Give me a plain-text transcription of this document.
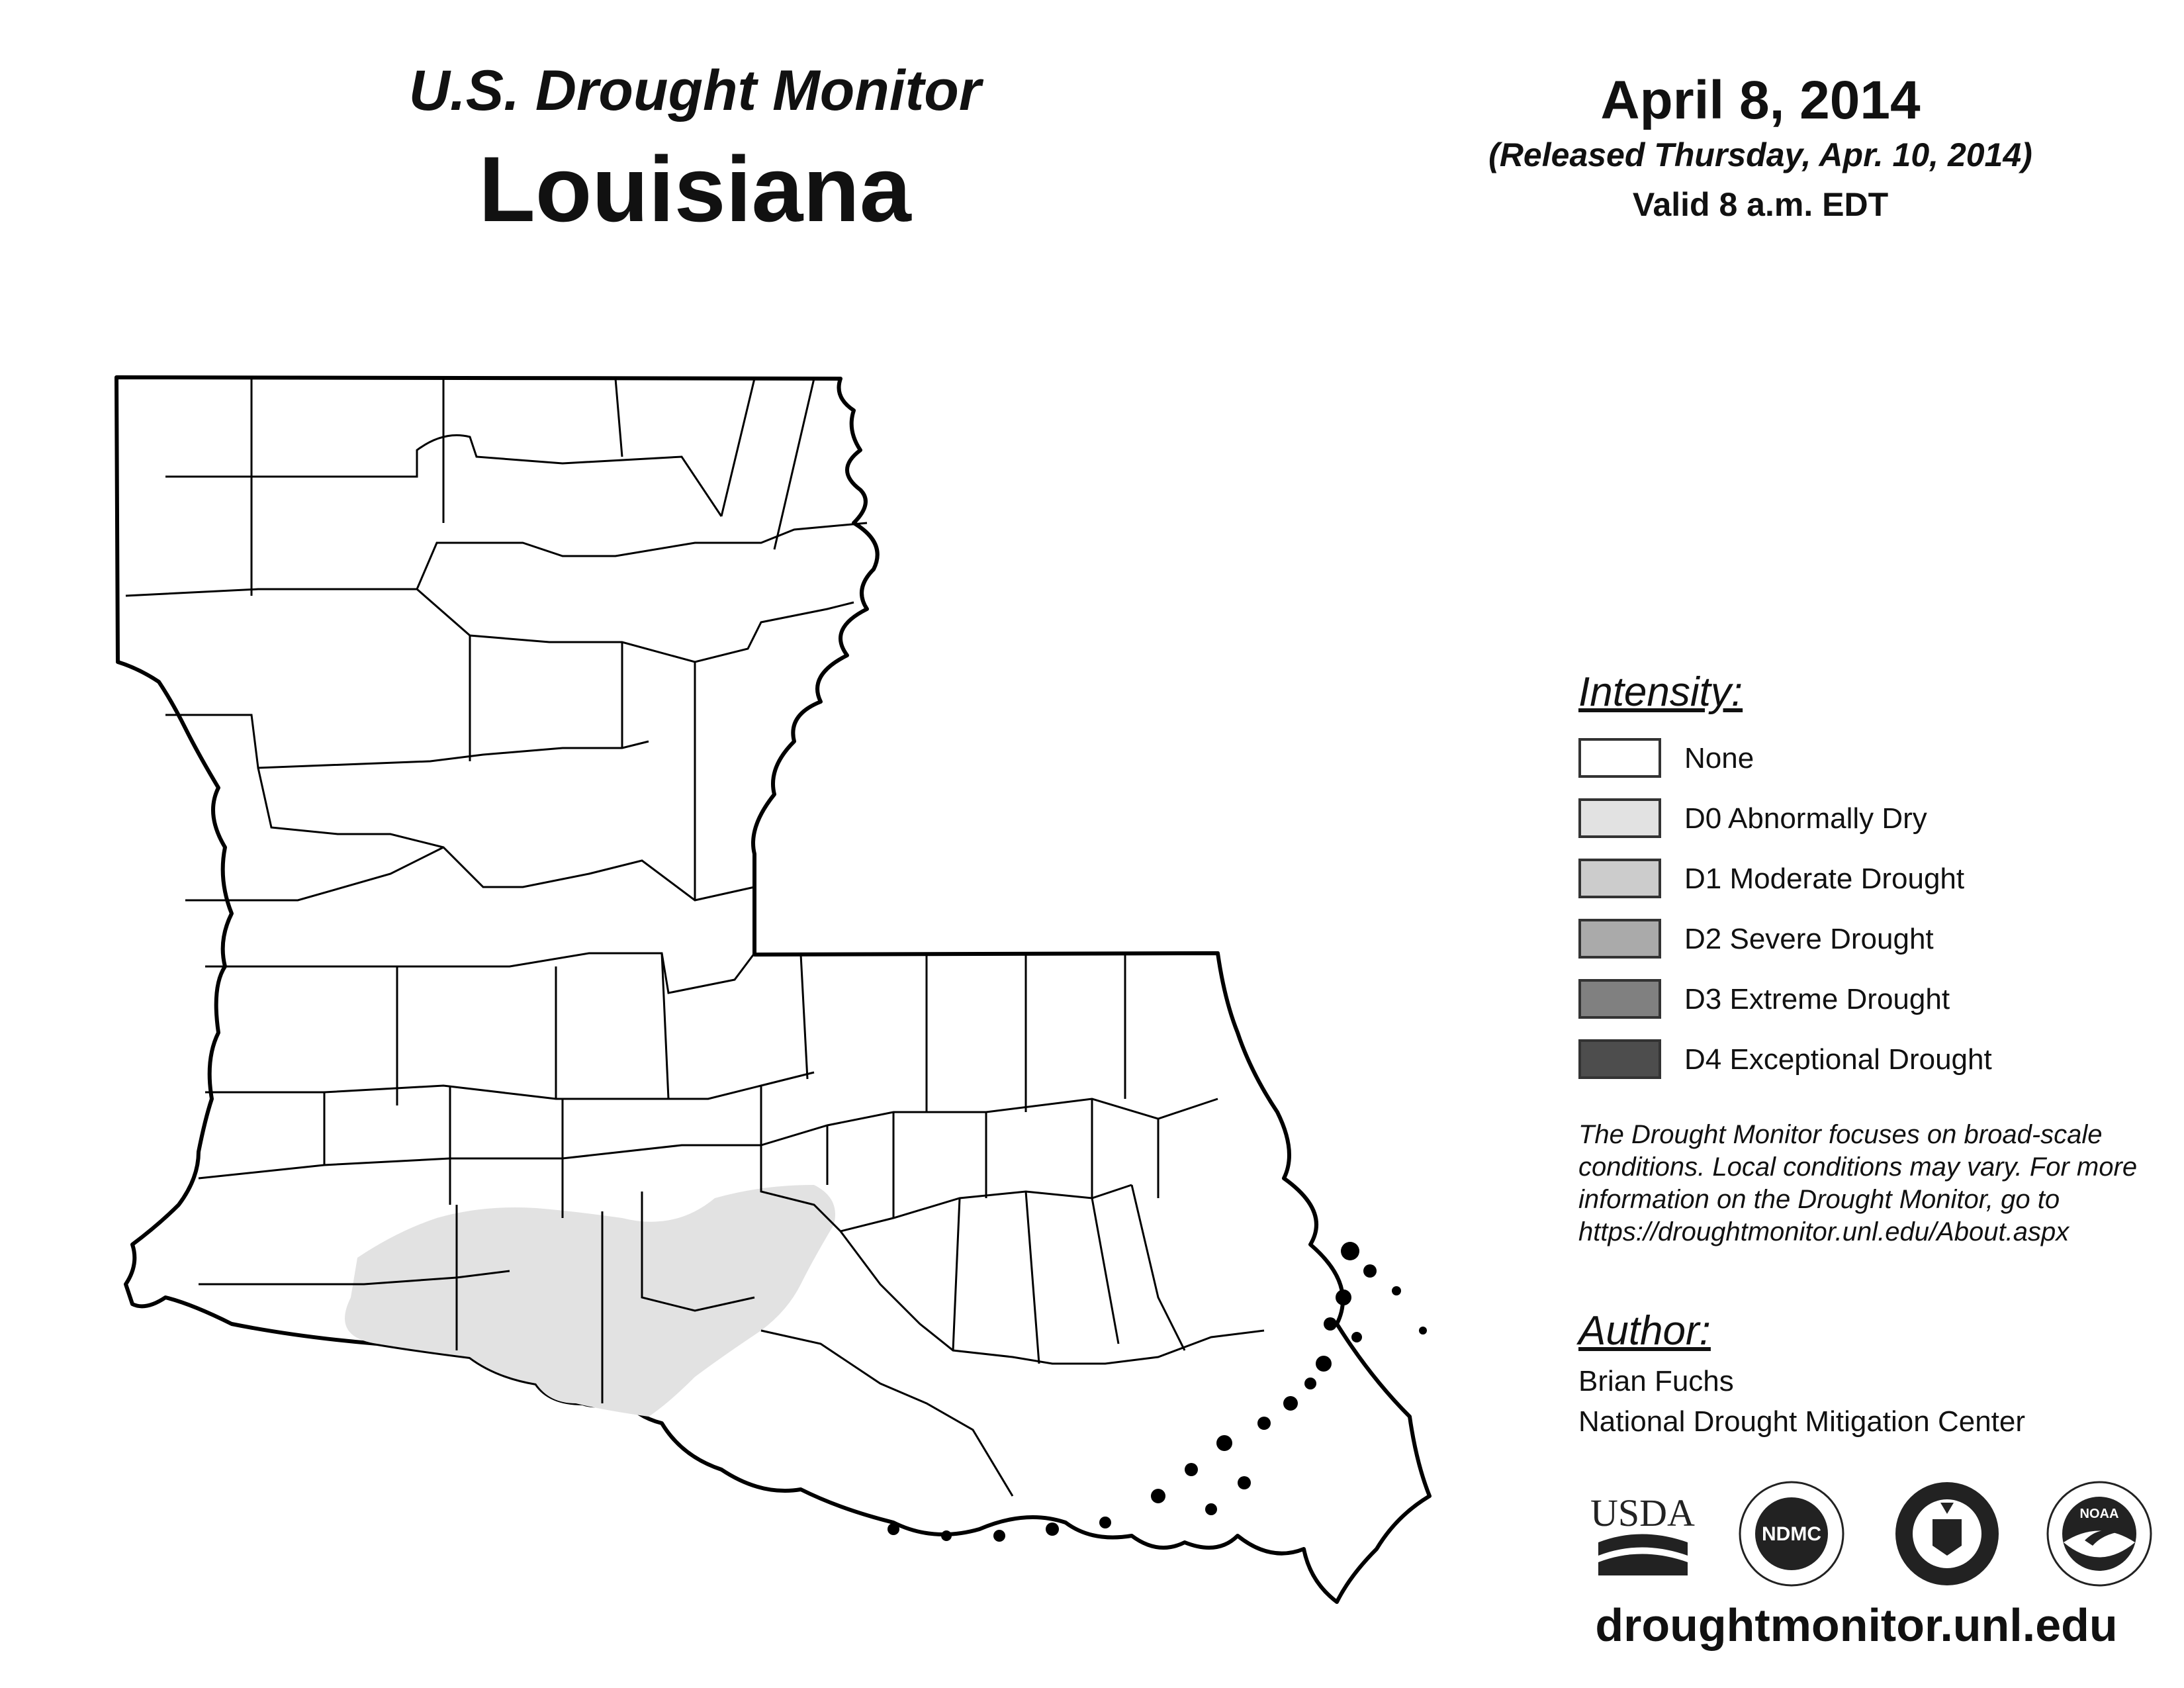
U.S. Drought Monitor
Louisiana
April 8, 2014
(Released Thursday, Apr. 10, 2014)
Valid 8 a.m. EDT
Intensity:
The Drought Monitor focuses on broad-scale
conditions. Local conditions may vary. For more
information on the Drought Monitor, go to
https://droughtmonitor.unl.edu/About.aspx
Author:
Brian Fuchs
National Drought Mitigation Center
USDA	NDMC
NOAA
droughtmonitor.unl.edu
None
D0 Abnormally Dry
D1 Moderate Drought
D2 Severe Drought
D3 Extreme Drought
D4 Exceptional Drought
